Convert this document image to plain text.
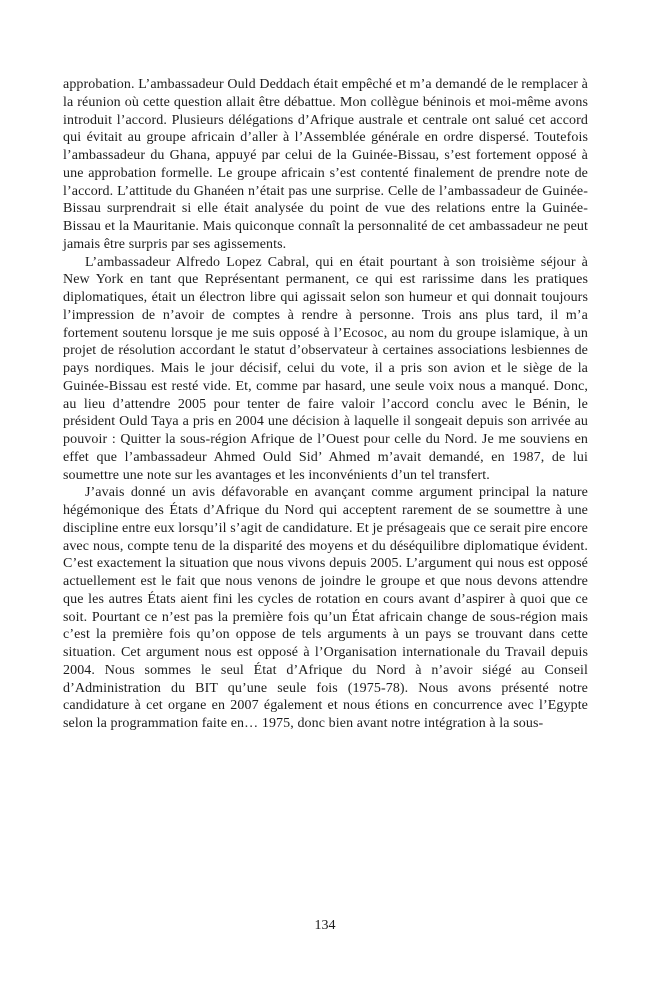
approbation. L’ambassadeur Ould Deddach était empêché et m’a demandé de le remplacer à la réunion où cette question allait être débattue. Mon collègue béninois et moi-même avons introduit l’accord. Plusieurs délégations d’Afrique australe et centrale ont salué cet accord qui évitait au groupe africain d’aller à l’Assemblée générale en ordre dispersé. Toutefois l’ambassadeur du Ghana, appuyé par celui de la Guinée-Bissau, s’est fortement opposé à une approbation formelle. Le groupe africain s’est contenté finalement de prendre note de l’accord. L’attitude du Ghanéen n’était pas une surprise. Celle de l’ambassadeur de Guinée-Bissau surprendrait si elle était analysée du point de vue des relations entre la Guinée-Bissau et la Mauritanie. Mais quiconque connaît la personnalité de cet ambassadeur ne peut jamais être surpris par ses agissements.

L’ambassadeur Alfredo Lopez Cabral, qui en était pourtant à son troisième séjour à New York en tant que Représentant permanent, ce qui est rarissime dans les pratiques diplomatiques, était un électron libre qui agissait selon son humeur et qui donnait toujours l’impression de n’avoir de comptes à rendre à personne. Trois ans plus tard, il m’a fortement soutenu lorsque je me suis opposé à l’Ecosoc, au nom du groupe islamique, à un projet de résolution accordant le statut d’observateur à certaines associations lesbiennes de pays nordiques. Mais le jour décisif, celui du vote, il a pris son avion et le siège de la Guinée-Bissau est resté vide. Et, comme par hasard, une seule voix nous a manqué. Donc, au lieu d’attendre 2005 pour tenter de faire valoir l’accord conclu avec le Bénin, le président Ould Taya a pris en 2004 une décision à laquelle il songeait depuis son arrivée au pouvoir : Quitter la sous-région Afrique de l’Ouest pour celle du Nord. Je me souviens en effet que l’ambassadeur Ahmed Ould Sid’ Ahmed m’avait demandé, en 1987, de lui soumettre une note sur les avantages et les inconvénients d’un tel transfert.

J’avais donné un avis défavorable en avançant comme argument principal la nature hégémonique des États d’Afrique du Nord qui acceptent rarement de se soumettre à une discipline entre eux lorsqu’il s’agit de candidature. Et je présageais que ce serait pire encore avec nous, compte tenu de la disparité des moyens et du déséquilibre diplomatique évident. C’est exactement la situation que nous vivons depuis 2005. L’argument qui nous est opposé actuellement est le fait que nous venons de joindre le groupe et que nous devons attendre que les autres États aient fini les cycles de rotation en cours avant d’aspirer à quoi que ce soit. Pourtant ce n’est pas la première fois qu’un État africain change de sous-région mais c’est la première fois qu’on oppose de tels arguments à un pays se trouvant dans cette situation. Cet argument nous est opposé à l’Organisation internationale du Travail depuis 2004. Nous sommes le seul État d’Afrique du Nord à n’avoir siégé au Conseil d’Administration du BIT qu’une seule fois (1975-78). Nous avons présenté notre candidature à cet organe en 2007 également et nous étions en concurrence avec l’Egypte selon la programmation faite en… 1975, donc bien avant notre intégration à la sous-

134
